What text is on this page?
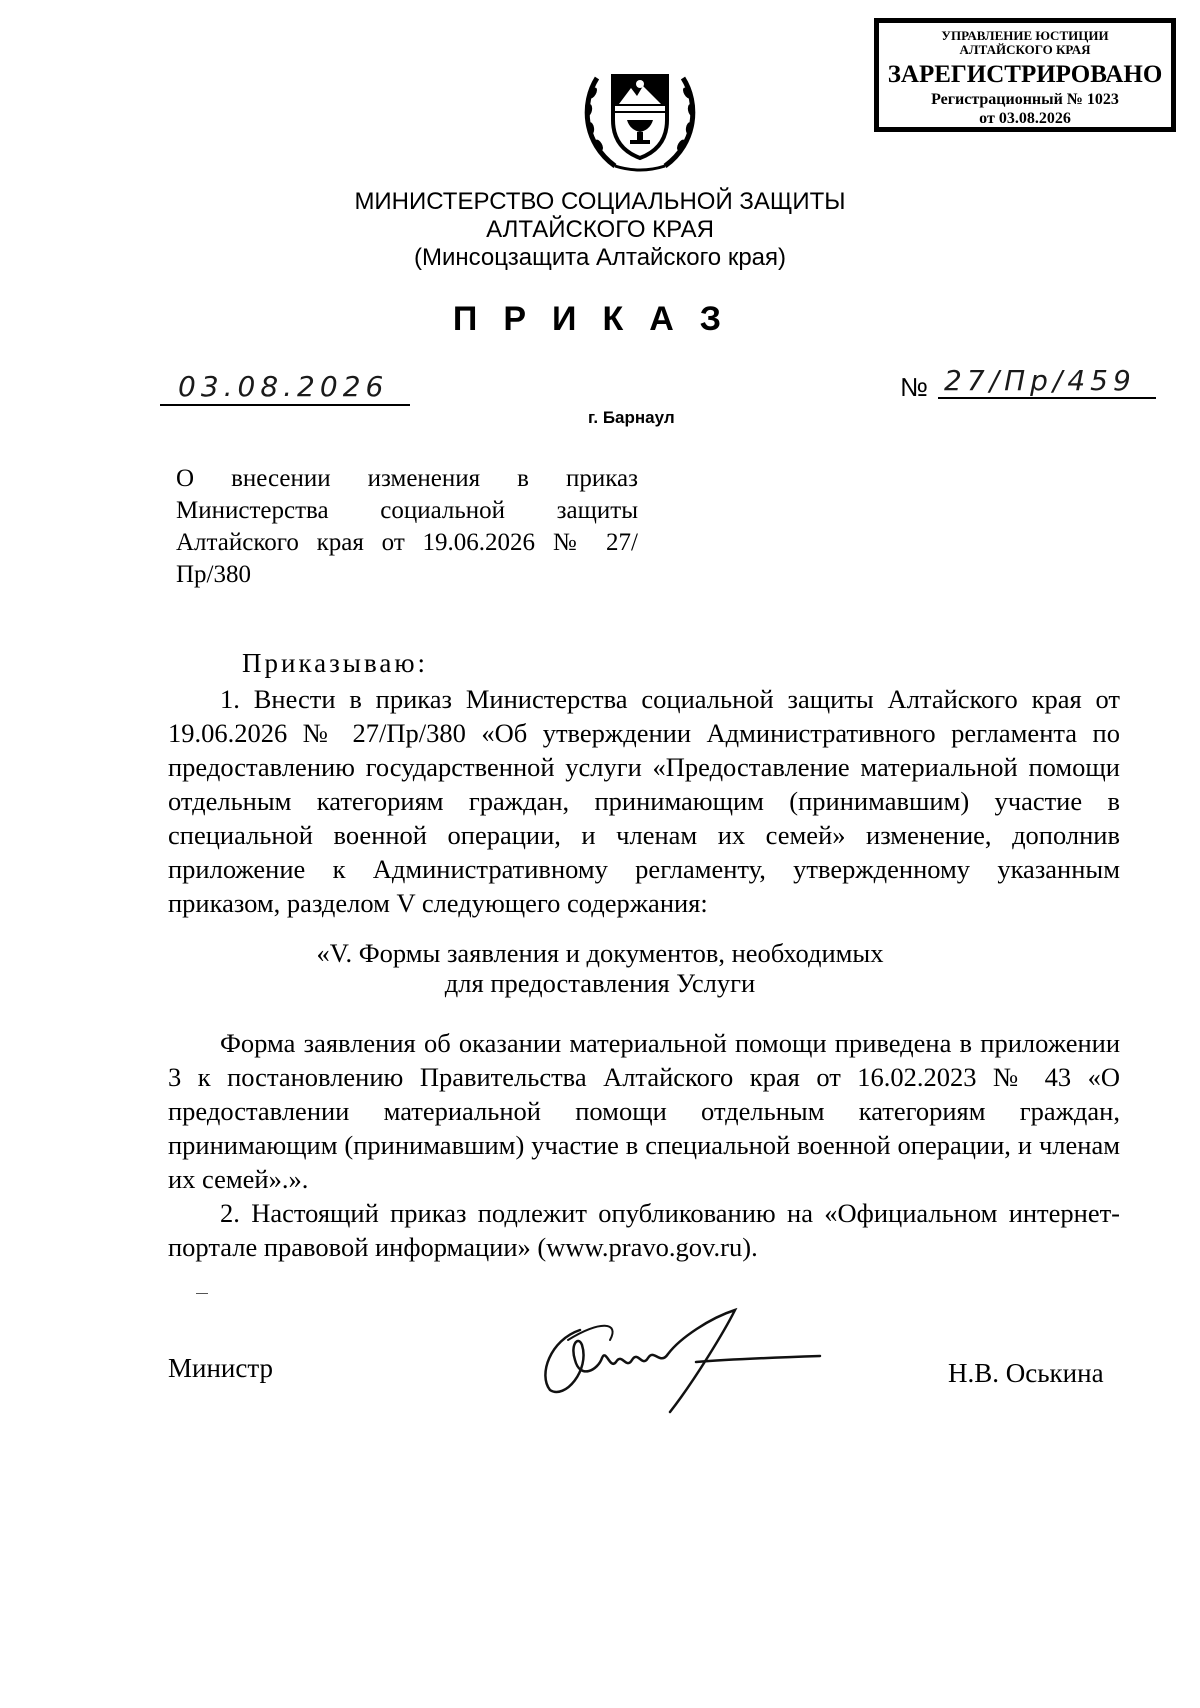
УПРАВЛЕНИЕ ЮСТИЦИИ
АЛТАЙСКОГО КРАЯ
ЗАРЕГИСТРИРОВАНО
Регистрационный № 1023
от 03.08.2026
МИНИСТЕРСТВО СОЦИАЛЬНОЙ ЗАЩИТЫ
АЛТАЙСКОГО КРАЯ
(Минсоцзащита Алтайского края)
ПРИКАЗ
03.08.2026	№ 27/Пр/459
г. Барнаул
О внесении изменения в приказ Министерства социальной защиты Алтайского края от 19.06.2026 № 27/Пр/380
Приказываю:

1. Внести в приказ Министерства социальной защиты Алтайского края от 19.06.2026 № 27/Пр/380 «Об утверждении Административного регламента по предоставлению государственной услуги «Предоставление материальной помощи отдельным категориям граждан, принимающим (принимавшим) участие в специальной военной операции, и членам их семей» изменение, дополнив приложение к Административному регламенту, утвержденному указанным приказом, разделом V следующего содержания:

«V. Формы заявления и документов, необходимых
для предоставления Услуги

Форма заявления об оказании материальной помощи приведена в приложении 3 к постановлению Правительства Алтайского края от 16.02.2023 № 43 «О предоставлении материальной помощи отдельным категориям граждан, принимающим (принимавшим) участие в специальной военной операции, и членам их семей».».

2. Настоящий приказ подлежит опубликованию на «Официальном интернет-портале правовой информации» (www.pravo.gov.ru).

Министр	Н.В. Оськина
